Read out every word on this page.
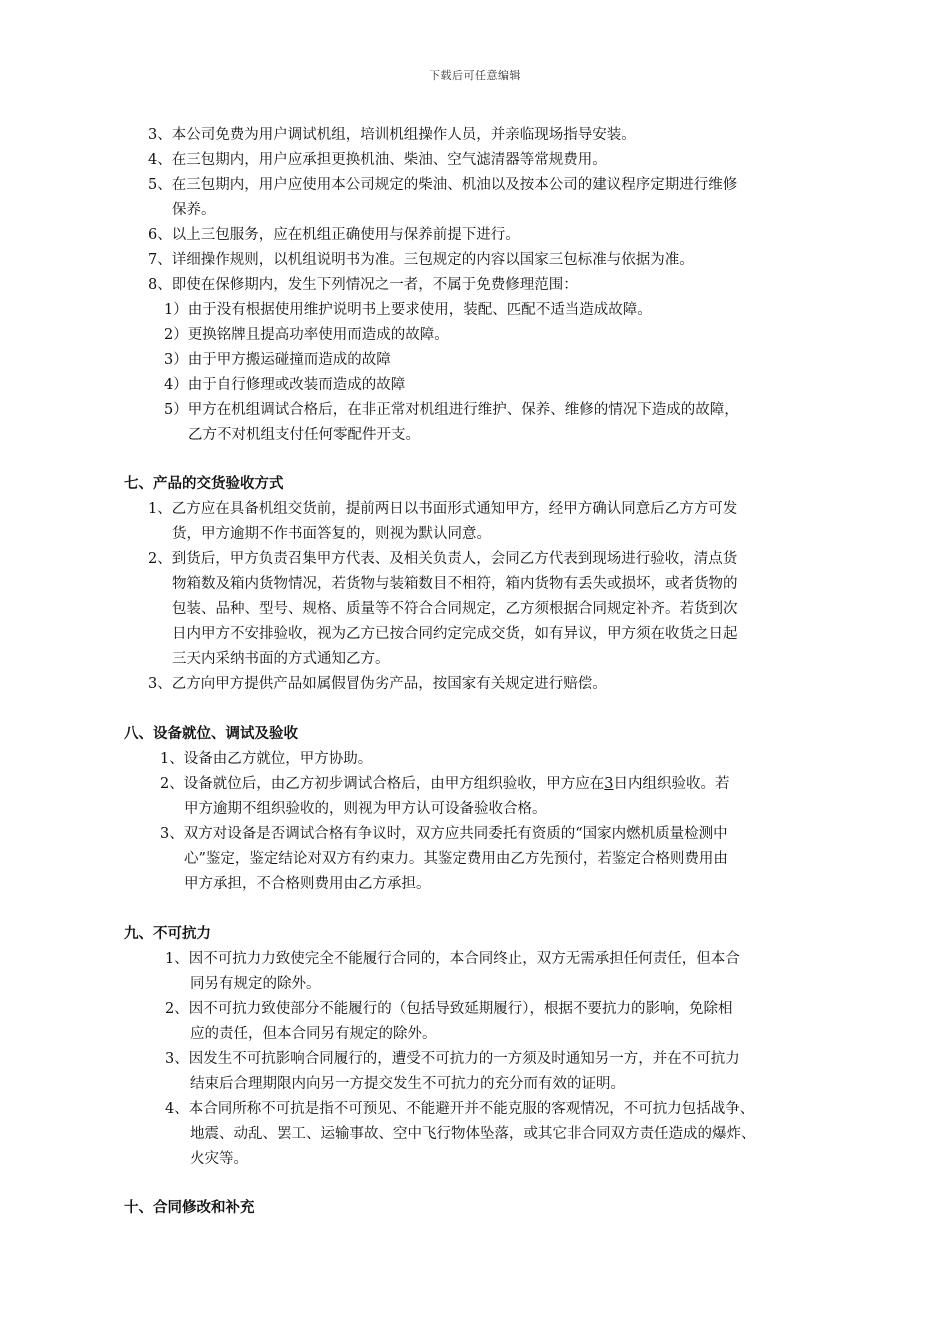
下载后可任意编辑
3、本公司免费为用户调试机组，培训机组操作人员，并亲临现场指导安装。
4、在三包期内，用户应承担更换机油、柴油、空气滤清器等常规费用。
5、在三包期内，用户应使用本公司规定的柴油、机油以及按本公司的建议程序定期进行维修
保养。
6、以上三包服务，应在机组正确使用与保养前提下进行。
7、详细操作规则，以机组说明书为准。三包规定的内容以国家三包标准与依据为准。
8、即使在保修期内，发生下列情况之一者，不属于免费修理范围：
1）由于没有根据使用维护说明书上要求使用，装配、匹配不适当造成故障。
2）更换铭牌且提高功率使用而造成的故障。
3）由于甲方搬运碰撞而造成的故障
4）由于自行修理或改装而造成的故障
5）甲方在机组调试合格后，在非正常对机组进行维护、保养、维修的情况下造成的故障，
乙方不对机组支付任何零配件开支。
七、产品的交货验收方式
1、乙方应在具备机组交货前，提前两日以书面形式通知甲方，经甲方确认同意后乙方方可发
货，甲方逾期不作书面答复的，则视为默认同意。
2、到货后，甲方负责召集甲方代表、及相关负责人，会同乙方代表到现场进行验收，清点货
物箱数及箱内货物情况，若货物与装箱数目不相符，箱内货物有丢失或损坏，或者货物的
包装、品种、型号、规格、质量等不符合合同规定，乙方须根据合同规定补齐。若货到次
日内甲方不安排验收，视为乙方已按合同约定完成交货，如有异议，甲方须在收货之日起
三天内采纳书面的方式通知乙方。
3、乙方向甲方提供产品如属假冒伪劣产品，按国家有关规定进行赔偿。
八、设备就位、调试及验收
1、设备由乙方就位，甲方协助。
2、设备就位后，由乙方初步调试合格后，由甲方组织验收，甲方应在3日内组织验收。若
甲方逾期不组织验收的，则视为甲方认可设备验收合格。
3、双方对设备是否调试合格有争议时，双方应共同委托有资质的“国家内燃机质量检测中
心”鉴定，鉴定结论对双方有约束力。其鉴定费用由乙方先预付，若鉴定合格则费用由
甲方承担，不合格则费用由乙方承担。
九、不可抗力
1、因不可抗力力致使完全不能履行合同的，本合同终止，双方无需承担任何责任，但本合
同另有规定的除外。
2、因不可抗力致使部分不能履行的（包括导致延期履行），根据不要抗力的影响，免除相
应的责任，但本合同另有规定的除外。
3、因发生不可抗影响合同履行的，遭受不可抗力的一方须及时通知另一方，并在不可抗力
结束后合理期限内向另一方提交发生不可抗力的充分而有效的证明。
4、本合同所称不可抗是指不可预见、不能避开并不能克服的客观情况，不可抗力包括战争、
地震、动乱、罢工、运输事故、空中飞行物体坠落，或其它非合同双方责任造成的爆炸、
火灾等。
十、合同修改和补充
